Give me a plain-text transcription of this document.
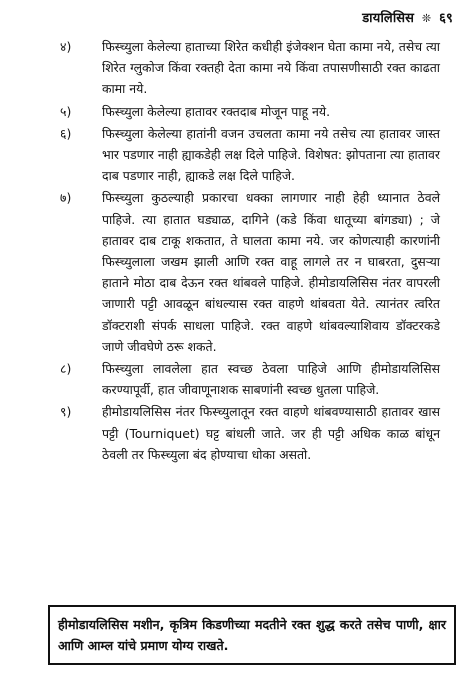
डायलिसिस ❊ ६९
४) फिस्च्युला केलेल्या हाताच्या शिरेत कधीही इंजेक्शन घेता कामा नये, तसेच त्या शिरेत ग्लुकोज किंवा रक्तही देता कामा नये किंवा तपासणीसाठी रक्त काढता कामा नये.
५) फिस्च्युला केलेल्या हातावर रक्तदाब मोजून पाहू नये.
६) फिस्च्युला केलेल्या हातांनी वजन उचलता कामा नये तसेच त्या हातावर जास्त भार पडणार नाही ह्याकडेही लक्ष दिले पाहिजे. विशेषत: झोपताना त्या हातावर दाब पडणार नाही, ह्याकडे लक्ष दिले पाहिजे.
७) फिस्च्युला कुठल्याही प्रकारचा धक्का लागणार नाही हेही ध्यानात ठेवले पाहिजे. त्या हातात घड्याळ, दागिने (कडे किंवा धातूच्या बांगड्या) ; जे हातावर दाब टाकू शकतात, ते घालता कामा नये. जर कोणत्याही कारणांनी फिस्च्युलाला जखम झाली आणि रक्त वाहू लागले तर न घाबरता, दुसऱ्या हाताने मोठा दाब देऊन रक्त थांबवले पाहिजे. हीमोडायलिसिस नंतर वापरली जाणारी पट्टी आवळून बांधल्यास रक्त वाहणे थांबवता येते. त्यानंतर त्वरित डॉक्टराशी संपर्क साधला पाहिजे. रक्त वाहणे थांबवल्याशिवाय डॉक्टरकडे जाणे जीवघेणे ठरू शकते.
८) फिस्च्युला लावलेला हात स्वच्छ ठेवला पाहिजे आणि हीमोडायलिसिस करण्यापूर्वी, हात जीवाणूनाशक साबणांनी स्वच्छ धुतला पाहिजे.
९) हीमोडायलिसिस नंतर फिस्च्युलातून रक्त वाहणे थांबवण्यासाठी हातावर खास पट्टी (Tourniquet) घट्ट बांधली जाते. जर ही पट्टी अधिक काळ बांधून ठेवली तर फिस्च्युला बंद होण्याचा धोका असतो.
हीमोडायलिसिस मशीन, कृत्रिम किडणीच्या मदतीने रक्त शुद्ध करते तसेच पाणी, क्षार आणि आम्ल यांचे प्रमाण योग्य राखते.
